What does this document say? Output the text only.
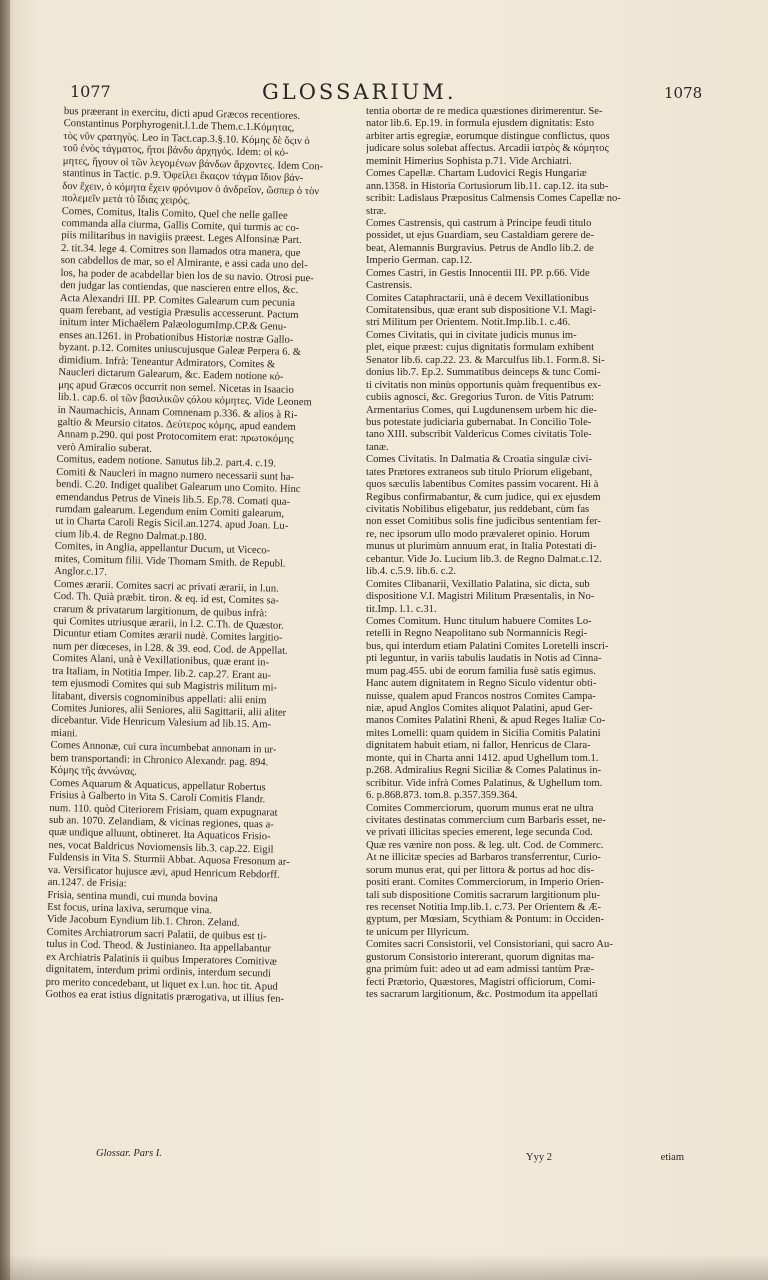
1077	GLOSSARIUM.	1078
bus præerant in exercitu, dicti apud Græcos recentiores.
Constantinus Porphyrogenit.l.1.de Them.c.1.Κόμητας,
τὸς νῦν ϛρατηγὺς. Leo in Tact.cap.3.§.10. Κόμης δὲ ὅϛιν ὁ
τοῦ ἐνὸς τάγματος, ἤτοι βάνδυ ἀρχηγός. Idem: οἱ κό-
μητες, ἤγουν οἱ τῶν λεγομένων βάνδων ἄρχοντες. Idem Con-
stantinus in Tactic. p.9. Ὀφείλει ἕκαςον τάγμα ἴδιον βάν-
δον ἔχειν, ὁ κόμητα ἔχειν φρόνιμον ὁ ἀνδρεῖον, ὥσπερ ὁ τὸν
πολεμεῖν μετὰ τὸ ἴδιας χειρός.
Comes, Comitus, Italis Comito, Quel che nelle gallee
commanda alla ciurma, Gallis Comite, qui turmis ac co-
piis militaribus in navigiis præest. Leges Alfonsinæ Part.
2. tit.34. lege 4. Comitres son llamados otra manera, que
son cabdellos de mar, so el Almirante, e assi cada uno del-
los, ha poder de acabdellar bien los de su navio. Otrosi pue-
den judgar las contiendas, que nascieren entre ellos, &c.
Acta Alexandri III. PP. Comites Galearum cum pecunia
quam ferebant, ad vestigia Præsulis accesserunt. Pactum
initum inter Michaëlem PalæologumImp.CP.& Genu-
enses an.1261. in Probationibus Historiæ nostræ Gallo-
byzant. p.12. Comites uniuscujusque Galeæ Perpera 6. &
dimidium. Infrà: Teneantur Admirators, Comites &
Naucleri dictarum Galearum, &c. Eadem notione κό-
μης apud Græcos occurrit non semel. Nicetas in Isaacio
lib.1. cap.6. οἱ τῶν βασιλικῶν ςόλου κόμητες. Vide Leonem
in Naumachicis, Annam Comnenam p.336. & alios à Ri-
galtio & Meursio citatos. Δεύτερος κόμης, apud eandem
Annam p.290. qui post Protocomitem erat: πρωτοκόμης
verò Amiralio suberat.
Comitus, eadem notione. Sanutus lib.2. part.4. c.19.
Comiti & Naucleri in magno numero necessarii sunt ha-
bendi. C.20. Indiget qualibet Galearum uno Comito. Hinc
emendandus Petrus de Vineis lib.5. Ep.78. Comati qua-
rumdam galearum. Legendum enim Comiti galearum,
ut in Charta Caroli Regis Sicil.an.1274. apud Joan. Lu-
cium lib.4. de Regno Dalmat.p.180.
Comites, in Anglia, appellantur Ducum, ut Viceco-
mites, Comitum filii. Vide Thomam Smith. de Republ.
Anglor.c.17.
Comes ærarii. Comites sacri ac privati ærarii, in l.un.
Cod. Th. Quià præbit. tiron. & eq. id est, Comites sa-
crarum & privatarum largitionum, de quibus infrà:
qui Comites utriusque ærarii, in l.2. C.Th. de Quæstor.
Dicuntur etiam Comites ærarii nudè. Comites largitio-
num per diœceses, in l.28. & 39. eod. Cod. de Appellat.
Comites Alani, unà è Vexillationibus, quæ erant in-
tra Italiam, in Notitia Imper. lib.2. cap.27. Erant au-
tem ejusmodi Comites qui sub Magistris militum mi-
litabant, diversis cognominibus appellati: alii enim
Comites Juniores, alii Seniores, alii Sagittarii, alii aliter
dicebantur. Vide Henricum Valesium ad lib.15. Am-
miani.
Comes Annonæ, cui cura incumbebat annonam in ur-
bem transportandi: in Chronico Alexandr. pag. 894.
Κόμης τῆς ἀννώνας.
Comes Aquarum & Aquaticus, appellatur Robertus
Frisius à Galberto in Vita S. Caroli Comitis Flandr.
num. 110. quòd Citeriorem Frisiam, quam expugnarat
sub an. 1070. Zelandiam, & vicinas regiones, quas a-
quæ undique alluunt, obtineret. Ita Aquaticos Frisio-
nes, vocat Baldricus Noviomensis lib.3. cap.22. Eigil
Fuldensis in Vita S. Sturmii Abbat. Aquosa Fresonum ar-
va. Versificator hujusce ævi, apud Henricum Rebdorff.
an.1247. de Frisia:
Frisia, sentina mundi, cui munda bovina
Est focus, urina laxiva, serumque vina.
Vide Jacobum Eyndium lib.1. Chron. Zeland.
Comites Archiatrorum sacri Palatii, de quibus est ti-
tulus in Cod. Theod. & Justinianeo. Ita appellabantur
ex Archiatris Palatinis ii quibus Imperatores Comitivæ
dignitatem, interdum primi ordinis, interdum secundi
pro merito concedebant, ut liquet ex l.un. hoc tit. Apud
Gothos ea erat istius dignitatis prærogativa, ut illius fen-
tentia obortæ de re medica quæstiones dirimerentur. Se-
nator lib.6. Ep.19. in formula ejusdem dignitatis: Esto
arbiter artis egregiæ, eorumque distingue conflictus, quos
judicare solus solebat affectus. Arcadii ἰατρὸς & κόμητος
meminit Himerius Sophista p.71. Vide Archiatri.
Comes Capellæ. Chartam Ludovici Regis Hungariæ
ann.1358. in Historia Cortusiorum lib.11. cap.12. ita sub-
scribit: Ladislaus Præpositus Calmensis Comes Capellæ no-
stræ.
Comes Castrensis, qui castrum à Principe feudi titulo
possidet, ut ejus Guardiam, seu Castaldiam gerere de-
beat, Alemannis Burgravius. Petrus de Andlo lib.2. de
Imperio German. cap.12.
Comes Castri, in Gestis Innocentii III. PP. p.66. Vide
Castrensis.
Comites Cataphractarii, unà è decem Vexillationibus
Comitatensibus, quæ erant sub dispositione V.I. Magi-
stri Militum per Orientem. Notit.Imp.lib.1. c.46.
Comes Civitatis, qui in civitate judicis munus im-
plet, eique præest: cujus dignitatis formulam exhibent
Senator lib.6. cap.22. 23. & Marculfus lib.1. Form.8. Si-
donius lib.7. Ep.2. Summatibus deinceps & tunc Comi-
ti civitatis non minùs opportunis quàm frequentibus ex-
cubiis agnosci, &c. Gregorius Turon. de Vitis Patrum:
Armentarius Comes, qui Lugdunensem urbem hic die-
bus potestate judiciaria gubernabat. In Concilio Tole-
tano XIII. subscribit Valdericus Comes civitatis Tole-
tanæ.
Comes Civitatis. In Dalmatia & Croatia singulæ civi-
tates Prætores extraneos sub titulo Priorum eligebant,
quos sæculis labentibus Comites passim vocarent. Hi à
Regibus confirmabantur, & cum judice, qui ex ejusdem
civitatis Nobilibus eligebatur, jus reddebant, cùm fas
non esset Comitibus solis fine judicibus sententiam fer-
re, nec ipsorum ullo modo prævaleret opinio. Horum
munus ut plurimùm annuum erat, in Italia Potestati di-
cebantur. Vide Jo. Lucium lib.3. de Regno Dalmat.c.12.
lib.4. c.5.9. lib.6. c.2.
Comites Clibanarii, Vexillatio Palatina, sic dicta, sub
dispositione V.I. Magistri Militum Præsentalis, in No-
tit.Imp. l.1. c.31.
Comes Comitum. Hunc titulum habuere Comites Lo-
retelli in Regno Neapolitano sub Normannicis Regi-
bus, qui interdum etiam Palatini Comites Loretelli inscri-
pti leguntur, in variis tabulis laudatis in Notis ad Cinna-
mum pag.455. ubi de eorum familia fusè satis egimus.
Hanc autem dignitatem in Regno Siculo videntur obti-
nuisse, qualem apud Francos nostros Comites Campa-
niæ, apud Anglos Comites aliquot Palatini, apud Ger-
manos Comites Palatini Rheni, & apud Reges Italiæ Co-
mites Lomelli: quam quidem in Sicilia Comitis Palatini
dignitatem habuit etiam, ni fallor, Henricus de Clara-
monte, qui in Charta anni 1412. apud Ughellum tom.1.
p.268. Admiralius Regni Siciliæ & Comes Palatinus in-
scribitur. Vide infrà Comes Palatinus, & Ughellum tom.
6. p.868.873. tom.8. p.357.359.364.
Comites Commerciorum, quorum munus erat ne ultra
civitates destinatas commercium cum Barbaris esset, ne-
ve privati illicitas species emerent, lege secunda Cod.
Quæ res vænire non poss. & leg. ult. Cod. de Commerc.
At ne illicitæ species ad Barbaros transferrentur, Curio-
sorum munus erat, qui per littora & portus ad hoc dis-
positi erant. Comites Commerciorum, in Imperio Orien-
tali sub dispositione Comitis sacrarum largitionum plu-
res recenset Notitia Imp.lib.1. c.73. Per Orientem & Æ-
gyptum, per Mœsiam, Scythiam & Pontum: in Occiden-
te unicum per Illyricum.
Comites sacri Consistorii, vel Consistoriani, qui sacro Au-
gustorum Consistorio intererant, quorum dignitas ma-
gna primùm fuit: adeo ut ad eam admissi tantùm Præ-
fecti Prætorio, Quæstores, Magistri officiorum, Comi-
tes sacrarum largitionum, &c. Postmodum ita appellati
Glossar. Pars I.	Yyy 2	etiam
